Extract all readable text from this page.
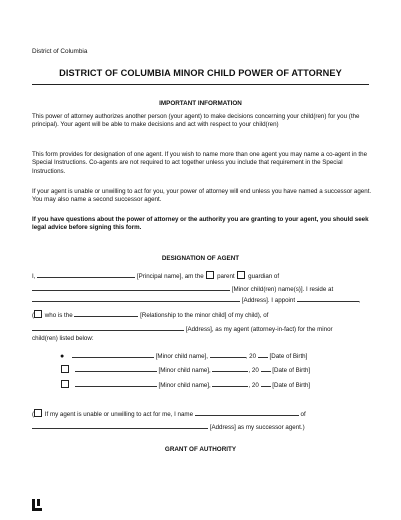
District of Columbia
DISTRICT OF COLUMBIA MINOR CHILD POWER OF ATTORNEY
IMPORTANT INFORMATION

This power of attorney authorizes another person (your agent) to make decisions concerning your child(ren) for you (the principal). Your agent will be able to make decisions and act with respect to your child(ren)

This form provides for designation of one agent. If you wish to name more than one agent you may name a co-agent in the Special Instructions. Co-agents are not required to act together unless you include that requirement in the Special Instructions.

If your agent is unable or unwilling to act for you, your power of attorney will end unless you have named a successor agent. You may also name a second successor agent.

If you have questions about the power of attorney or the authority you are granting to your agent, you should seek legal advice before signing this form.

DESIGNATION OF AGENT
I,	[Principal name], am the parent guardian of
[Minor child(ren) name(s)]. I reside at
[Address]. I appoint	,
( who is the	[Relationship to the minor child] of my child), of
[Address], as my agent (attorney-in-fact) for the minor
child(ren) listed below:
●	[Minor child name],	, 20 [Date of Birth]
[Minor child name],	, 20 [Date of Birth]
[Minor child name],	, 20 [Date of Birth]
( If my agent is unable or unwilling to act for me, I name	of
[Address] as my successor agent.)
GRANT OF AUTHORITY
